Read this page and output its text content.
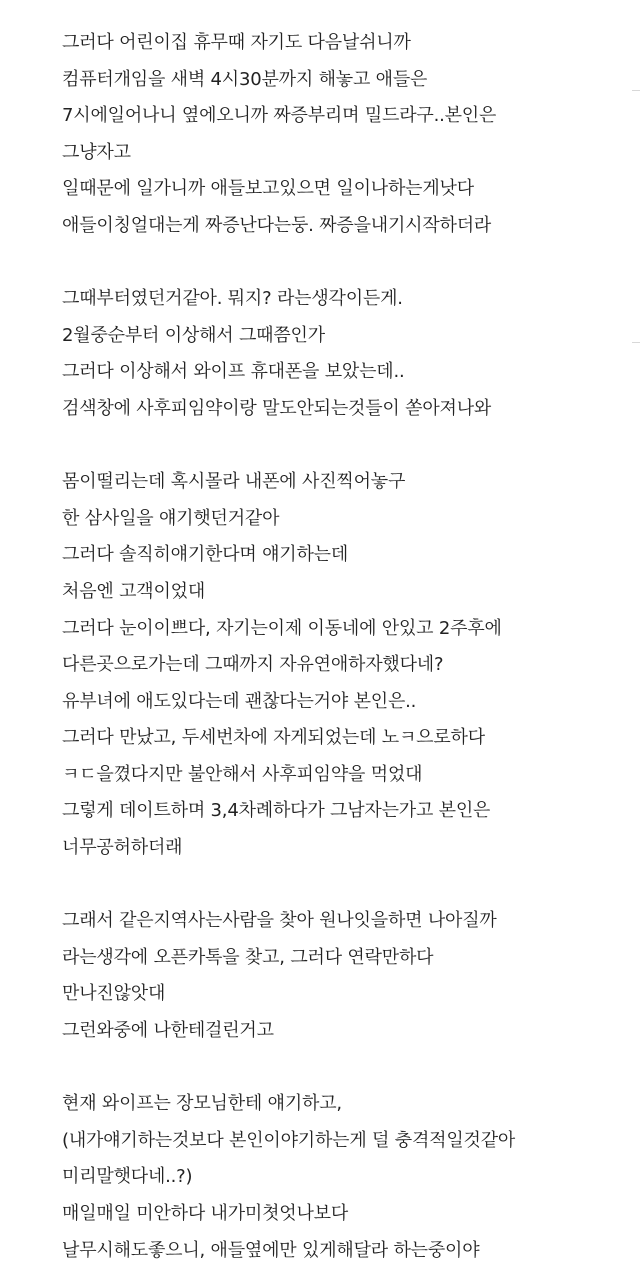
그러다 어린이집 휴무때 자기도 다음날쉬니까
컴퓨터개임을 새벽 4시30분까지 해놓고 애들은
7시에일어나니 옆에오니까 짜증부리며 밀드라구..본인은
그냥자고
일때문에 일가니까 애들보고있으면 일이나하는게낫다
애들이칭얼대는게 짜증난다는둥. 짜증을내기시작하더라
그때부터였던거같아. 뭐지? 라는생각이든게.
2월중순부터 이상해서 그때쯤인가
그러다 이상해서 와이프 휴대폰을 보았는데..
검색창에 사후피임약이랑 말도안되는것들이 쏟아져나와
몸이떨리는데 혹시몰라 내폰에 사진찍어놓구
한 삼사일을 얘기햇던거같아
그러다 솔직히얘기한다며 얘기하는데
처음엔 고객이었대
그러다 눈이이쁘다, 자기는이제 이동네에 안있고 2주후에
다른곳으로가는데 그때까지 자유연애하자했다네?
유부녀에 애도있다는데 괜찮다는거야 본인은..
그러다 만났고, 두세번차에 자게되었는데 노ㅋ으로하다
ㅋㄷ을꼈다지만 불안해서 사후피임약을 먹었대
그렇게 데이트하며 3,4차례하다가 그남자는가고 본인은
너무공허하더래
그래서 같은지역사는사람을 찾아 원나잇을하면 나아질까
라는생각에 오픈카톡을 찾고, 그러다 연락만하다
만나진않앗대
그런와중에 나한테걸린거고
현재 와이프는 장모님한테 얘기하고,
(내가얘기하는것보다 본인이야기하는게 덜 충격적일것같아
미리말햇다네..?)
매일매일 미안하다 내가미쳣엇나보다
날무시해도좋으니, 애들옆에만 있게해달라 하는중이야
